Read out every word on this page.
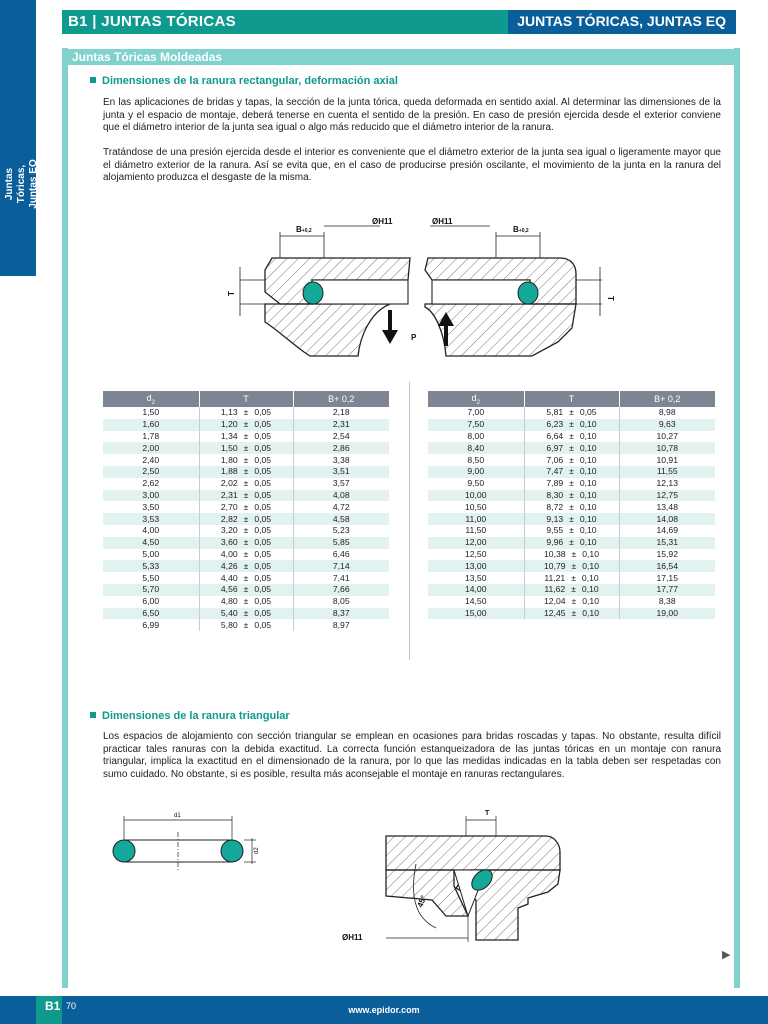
Juntas Tóricas, Juntas EQ
B1 | JUNTAS TÓRICAS	JUNTAS TÓRICAS, JUNTAS EQ
Juntas Tóricas Moldeadas
Dimensiones de la ranura rectangular, deformación axial

En las aplicaciones de bridas y tapas, la sección de la junta tórica, queda deformada en sentido axial. Al determinar las dimensiones de la junta y el espacio de montaje, deberá tenerse en cuenta el sentido de la presión. En caso de presión ejercida desde el exterior conviene que el diámetro interior de la junta sea igual o algo más reducido que el diámetro interior de la ranura.

Tratándose de una presión ejercida desde el interior es conveniente que el diámetro exterior de la junta sea igual o ligeramente mayor que el diámetro exterior de la ranura. Así se evita que, en el caso de producirse presión oscilante, el movimiento de la junta en la ranura del alojamiento produzca el desgaste de la misma.

B+0,2
ØH11	ØH11
B+0,2
T
T
P
$d_2$	T	B+ 0,2
1,50	1,13 ± 0,05	2,18
1,60	1,20 ± 0,05	2,31
1,78	1,34 ± 0,05	2,54
2,00	1,50 ± 0,05	2,86
2,40	1,80 ± 0,05	3,38
2,50	1,88 ± 0,05	3,51
2,62	2,02 ± 0,05	3,57
3,00	2,31 ± 0,05	4,08
3,50	2,70 ± 0,05	4,72
3,53	2,82 ± 0,05	4,58
4,00	3,20 ± 0,05	5,23
4,50	3,60 ± 0,05	5,85
5,00	4,00 ± 0,05	6,46
5,33	4,26 ± 0,05	7,14
5,50	4,40 ± 0,05	7,41
5,70	4,56 ± 0,05	7,66
6,00	4,80 ± 0,05	8,05
6,50	5,40 ± 0,05	8,37
6,99	5,80 ± 0,05	8,97
$d_2$	T	B+ 0,2
7,00	5,81 ± 0,05	8,98
7,50	6,23 ± 0,10	9,63
8,00	6,64 ± 0,10	10,27
8,40	6,97 ± 0,10	10,78
8,50	7,06 ± 0,10	10,91
9,00	7,47 ± 0,10	11,55
9,50	7,89 ± 0,10	12,13
10,00	8,30 ± 0,10	12,75
10,50	8,72 ± 0,10	13,48
11,00	9,13 ± 0,10	14,08
11,50	9,55 ± 0,10	14,69
12,00	9,96 ± 0,10	15,31
12,50	10,38 ± 0,10	15,92
13,00	10,79 ± 0,10	16,54
13,50	11,21 ± 0,10	17,15
14,00	11,62 ± 0,10	17,77
14,50	12,04 ± 0,10	8,38
15,00	12,45 ± 0,10	19,00
Dimensiones de la ranura triangular

Los espacios de alojamiento con sección triangular se emplean en ocasiones para bridas roscadas y tapas. No obstante, resulta difícil practicar tales ranuras con la debida exactitud. La correcta función estanqueizadora de las juntas tóricas en un montaje con ranura triangular, implica la exactitud en el dimensionado de la ranura, por lo que las medidas indicadas en la tabla deben ser respetadas con sumo cuidado. No obstante, si es posible, resulta más aconsejable el montaje en ranuras rectangulares.

d1
d2
T
45°
ØH11
▶
B1 70	www.epidor.com
